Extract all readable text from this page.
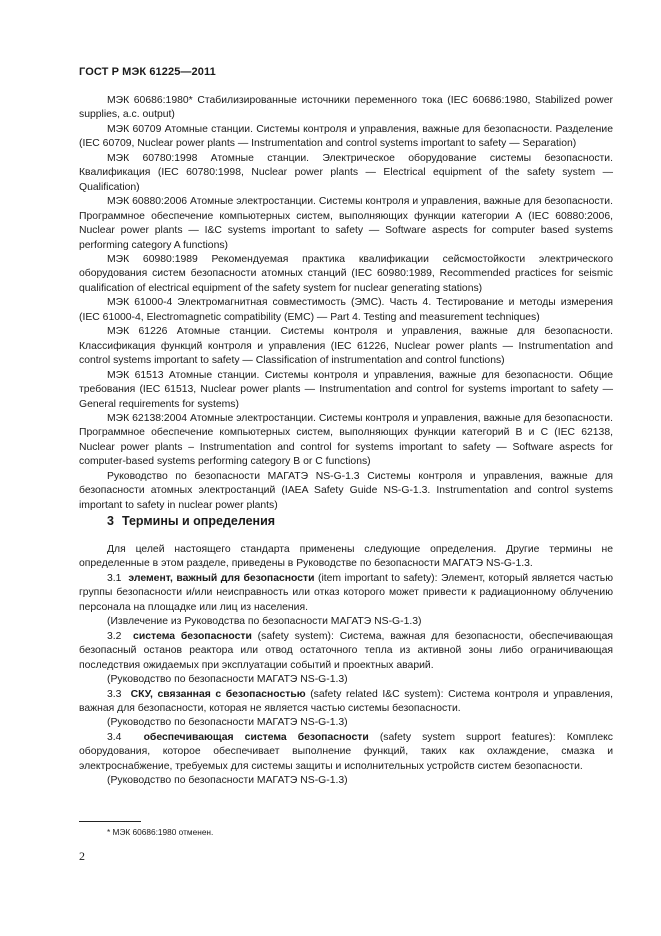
ГОСТ Р МЭК 61225—2011

МЭК 60686:1980* Стабилизированные источники переменного тока (IEC 60686:1980, Stabilized power supplies, a.c. output)

МЭК 60709 Атомные станции. Системы контроля и управления, важные для безопасности. Разделение (IEC 60709, Nuclear power plants — Instrumentation and control systems important to safety — Separation)

МЭК 60780:1998 Атомные станции. Электрическое оборудование системы безопасности. Квалификация (IEC 60780:1998, Nuclear power plants — Electrical equipment of the safety system — Qualification)

МЭК 60880:2006 Атомные электростанции. Системы контроля и управления, важные для безопасности. Программное обеспечение компьютерных систем, выполняющих функции категории А (IEC 60880:2006, Nuclear power plants — I&C systems important to safety — Software aspects for computer based systems performing category A functions)

МЭК 60980:1989 Рекомендуемая практика квалификации сейсмостойкости электрического оборудования систем безопасности атомных станций (IEC 60980:1989, Recommended practices for seismic qualification of electrical equipment of the safety system for nuclear generating stations)

МЭК 61000-4 Электромагнитная совместимость (ЭМС). Часть 4. Тестирование и методы измерения (IEC 61000-4, Electromagnetic compatibility (EMC) — Part 4. Testing and measurement techniques)

МЭК 61226 Атомные станции. Системы контроля и управления, важные для безопасности. Классификация функций контроля и управления (IEC 61226, Nuclear power plants — Instrumentation and control systems important to safety — Classification of instrumentation and control functions)

МЭК 61513 Атомные станции. Системы контроля и управления, важные для безопасности. Общие требования (IEC 61513, Nuclear power plants — Instrumentation and control for systems important to safety — General requirements for systems)

МЭК 62138:2004 Атомные электростанции. Системы контроля и управления, важные для безопасности. Программное обеспечение компьютерных систем, выполняющих функции категорий В и С (IEC 62138, Nuclear power plants – Instrumentation and control for systems important to safety — Software aspects for computer-based systems performing category B or C functions)

Руководство по безопасности МАГАТЭ NS-G-1.3 Системы контроля и управления, важные для безопасности атомных электростанций (IAEA Safety Guide NS-G-1.3. Instrumentation and control systems important to safety in nuclear power plants)

3 Термины и определения

Для целей настоящего стандарта применены следующие определения. Другие термины не определенные в этом разделе, приведены в Руководстве по безопасности МАГАТЭ NS-G-1.3.

3.1 элемент, важный для безопасности (item important to safety): Элемент, который является частью группы безопасности и/или неисправность или отказ которого может привести к радиационному облучению персонала на площадке или лиц из населения.

(Извлечение из Руководства по безопасности МАГАТЭ NS-G-1.3)

3.2 система безопасности (safety system): Система, важная для безопасности, обеспечивающая безопасный останов реактора или отвод остаточного тепла из активной зоны либо ограничивающая последствия ожидаемых при эксплуатации событий и проектных аварий.

(Руководство по безопасности МАГАТЭ NS-G-1.3)

3.3 СКУ, связанная с безопасностью (safety related I&C system): Система контроля и управления, важная для безопасности, которая не является частью системы безопасности.

(Руководство по безопасности МАГАТЭ NS-G-1.3)

3.4 обеспечивающая система безопасности (safety system support features): Комплекс оборудования, которое обеспечивает выполнение функций, таких как охлаждение, смазка и электроснабжение, требуемых для системы защиты и исполнительных устройств систем безопасности.

(Руководство по безопасности МАГАТЭ NS-G-1.3)

* МЭК 60686:1980 отменен.
2
